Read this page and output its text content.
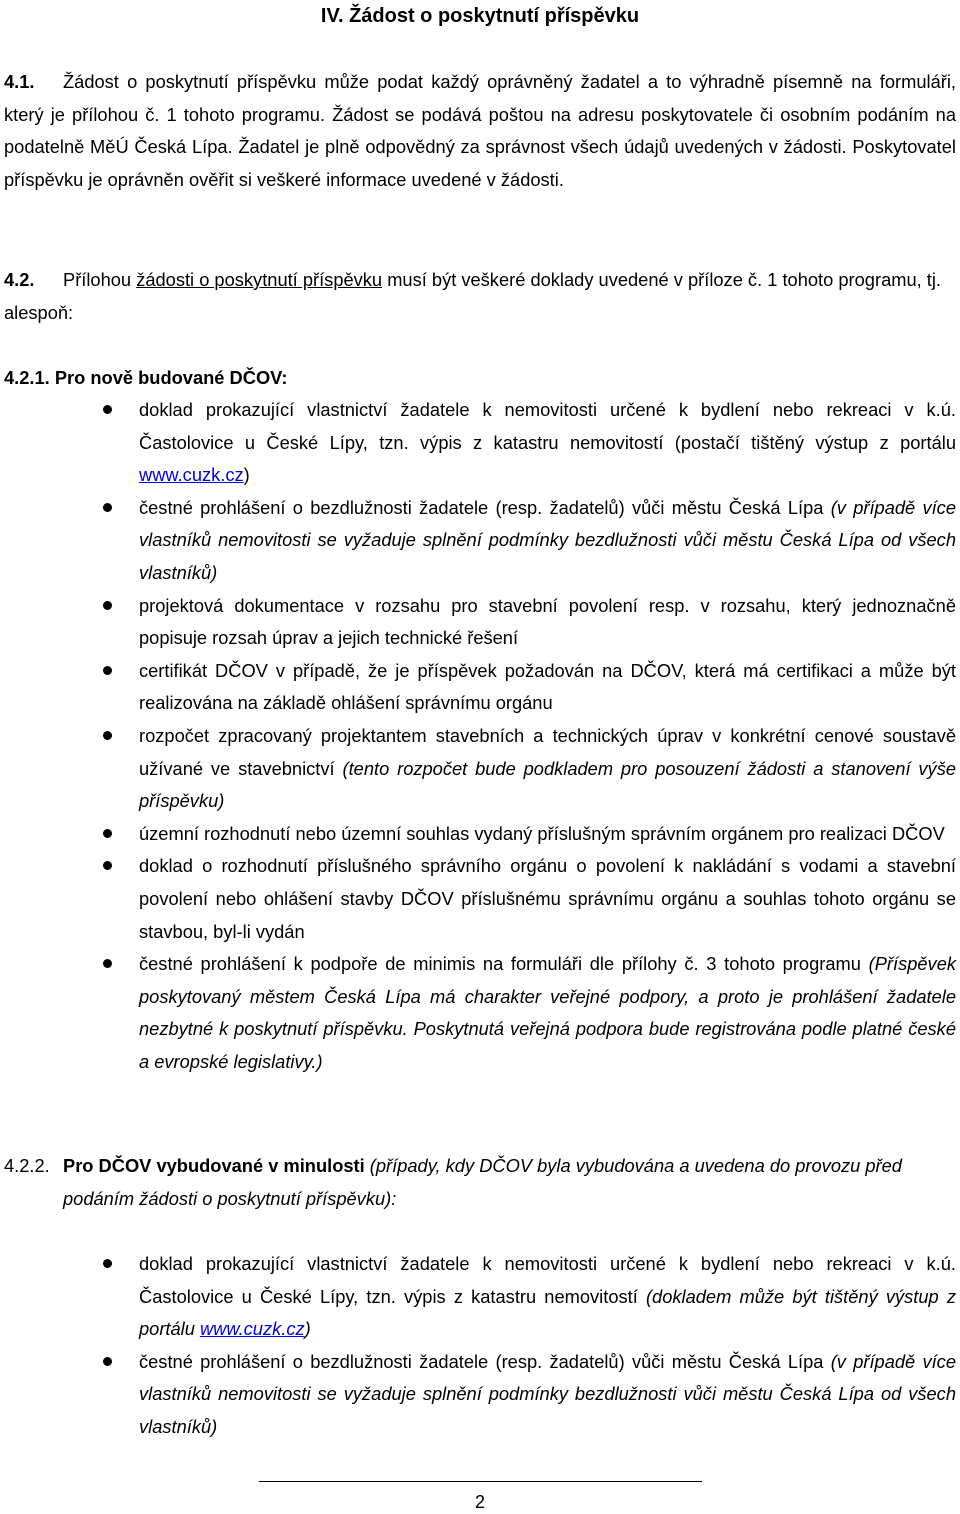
IV. Žádost o poskytnutí příspěvku
4.1.	Žádost o poskytnutí příspěvku může podat každý oprávněný žadatel a to výhradně písemně na formuláři, který je přílohou č. 1 tohoto programu. Žádost se podává poštou na adresu poskytovatele či osobním podáním na podatelně MěÚ Česká Lípa. Žadatel je plně odpovědný za správnost všech údajů uvedených v žádosti. Poskytovatel příspěvku je oprávněn ověřit si veškeré informace uvedené v žádosti.
4.2.	Přílohou žádosti o poskytnutí příspěvku musí být veškeré doklady uvedené v příloze č. 1 tohoto programu, tj. alespoň:
4.2.1. Pro nově budované DČOV:
doklad prokazující vlastnictví žadatele k nemovitosti určené k bydlení nebo rekreaci v k.ú. Častolovice u České Lípy, tzn. výpis z katastru nemovitostí (postačí tištěný výstup z portálu www.cuzk.cz)
čestné prohlášení o bezdlužnosti žadatele (resp. žadatelů) vůči městu Česká Lípa (v případě více vlastníků nemovitosti se vyžaduje splnění podmínky bezdlužnosti vůči městu Česká Lípa od všech vlastníků)
projektová dokumentace v rozsahu pro stavební povolení resp. v rozsahu, který jednoznačně popisuje rozsah úprav a jejich technické řešení
certifikát DČOV v případě, že je příspěvek požadován na DČOV, která má certifikaci a může být realizována na základě ohlášení správnímu orgánu
rozpočet zpracovaný projektantem stavebních a technických úprav v konkrétní cenové soustavě užívané ve stavebnictví (tento rozpočet bude podkladem pro posouzení žádosti a stanovení výše příspěvku)
územní rozhodnutí nebo územní souhlas vydaný příslušným správním orgánem pro realizaci DČOV
doklad o rozhodnutí příslušného správního orgánu o povolení k nakládání s vodami a stavební povolení nebo ohlášení stavby DČOV příslušnému správnímu orgánu a souhlas tohoto orgánu se stavbou, byl-li vydán
čestné prohlášení k podpoře de minimis na formuláři dle přílohy č. 3 tohoto programu (Příspěvek poskytovaný městem Česká Lípa má charakter veřejné podpory, a proto je prohlášení žadatele nezbytné k poskytnutí příspěvku. Poskytnutá veřejná podpora bude registrována podle platné české a evropské legislativy.)
4.2.2. Pro DČOV vybudované v minulosti (případy, kdy DČOV byla vybudována a uvedena do provozu před podáním žádosti o poskytnutí příspěvku):
doklad prokazující vlastnictví žadatele k nemovitosti určené k bydlení nebo rekreaci v k.ú. Častolovice u České Lípy, tzn. výpis z katastru nemovitostí (dokladem může být tištěný výstup z portálu www.cuzk.cz)
čestné prohlášení o bezdlužnosti žadatele (resp. žadatelů) vůči městu Česká Lípa (v případě více vlastníků nemovitosti se vyžaduje splnění podmínky bezdlužnosti vůči městu Česká Lípa od všech vlastníků)
2
